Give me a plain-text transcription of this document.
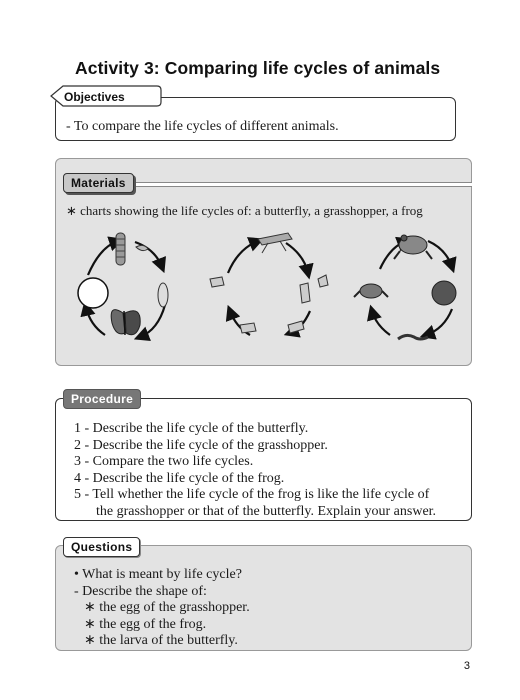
Activity 3: Comparing life cycles of animals
Objectives
- To compare the life cycles of different animals.
Materials
∗ charts showing the life cycles of: a butterfly, a grasshopper, a frog
Procedure
1 - Describe the life cycle of the butterfly.
2 - Describe the life cycle of the grasshopper.
3 - Compare the two life cycles.
4 - Describe the life cycle of the frog.
5 - Tell whether the life cycle of the frog is like the life cycle of
the grasshopper or that of the butterfly. Explain your answer.
Questions
• What is meant by life cycle?
- Describe the shape of:
∗ the egg of the grasshopper.
∗ the egg of the frog.
∗ the larva of the butterfly.
3
